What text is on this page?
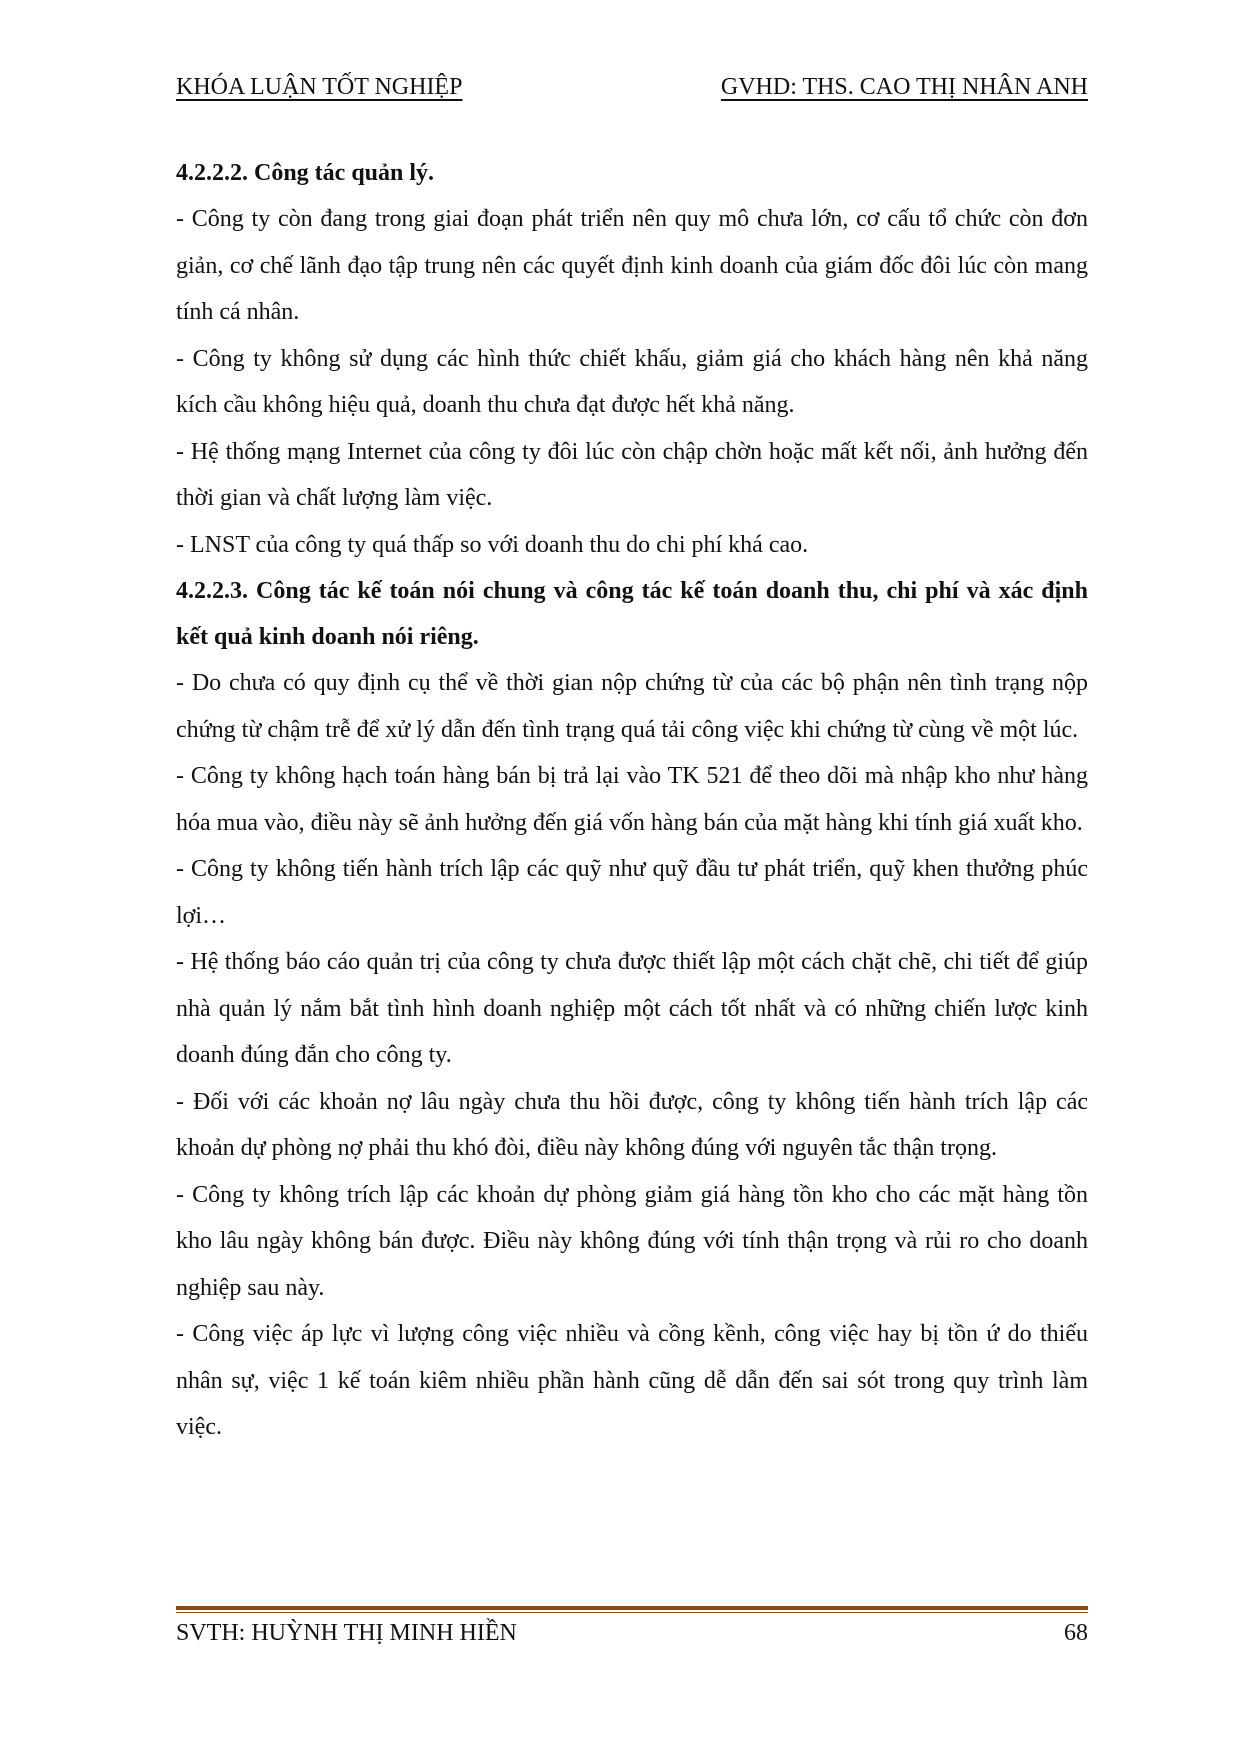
KHÓA LUẬN TỐT NGHIỆP	GVHD: THS. CAO THỊ NHÂN ANH
4.2.2.2. Công tác quản lý.

- Công ty còn đang trong giai đoạn phát triển nên quy mô chưa lớn, cơ cấu tổ chức còn đơn giản, cơ chế lãnh đạo tập trung nên các quyết định kinh doanh của giám đốc đôi lúc còn mang tính cá nhân.

- Công ty không sử dụng các hình thức chiết khấu, giảm giá cho khách hàng nên khả năng kích cầu không hiệu quả, doanh thu chưa đạt được hết khả năng.

- Hệ thống mạng Internet của công ty đôi lúc còn chập chờn hoặc mất kết nối, ảnh hưởng đến thời gian và chất lượng làm việc.

- LNST của công ty quá thấp so với doanh thu do chi phí khá cao.

4.2.2.3. Công tác kế toán nói chung và công tác kế toán doanh thu, chi phí và xác định kết quả kinh doanh nói riêng.

- Do chưa có quy định cụ thể về thời gian nộp chứng từ của các bộ phận nên tình trạng nộp chứng từ chậm trễ để xử lý dẫn đến tình trạng quá tải công việc khi chứng từ cùng về một lúc.

- Công ty không hạch toán hàng bán bị trả lại vào TK 521 để theo dõi mà nhập kho như hàng hóa mua vào, điều này sẽ ảnh hưởng đến giá vốn hàng bán của mặt hàng khi tính giá xuất kho.

- Công ty không tiến hành trích lập các quỹ như quỹ đầu tư phát triển, quỹ khen thưởng phúc lợi…

- Hệ thống báo cáo quản trị của công ty chưa được thiết lập một cách chặt chẽ, chi tiết để giúp nhà quản lý nắm bắt tình hình doanh nghiệp một cách tốt nhất và có những chiến lược kinh doanh đúng đắn cho công ty.

- Đối với các khoản nợ lâu ngày chưa thu hồi được, công ty không tiến hành trích lập các khoản dự phòng nợ phải thu khó đòi, điều này không đúng với nguyên tắc thận trọng.

- Công ty không trích lập các khoản dự phòng giảm giá hàng tồn kho cho các mặt hàng tồn kho lâu ngày không bán được. Điều này không đúng với tính thận trọng và rủi ro cho doanh nghiệp sau này.

- Công việc áp lực vì lượng công việc nhiều và cồng kềnh, công việc hay bị tồn ứ do thiếu nhân sự, việc 1 kế toán kiêm nhiều phần hành cũng dễ dẫn đến sai sót trong quy trình làm việc.

SVTH: HUỲNH THỊ MINH HIỀN	68
